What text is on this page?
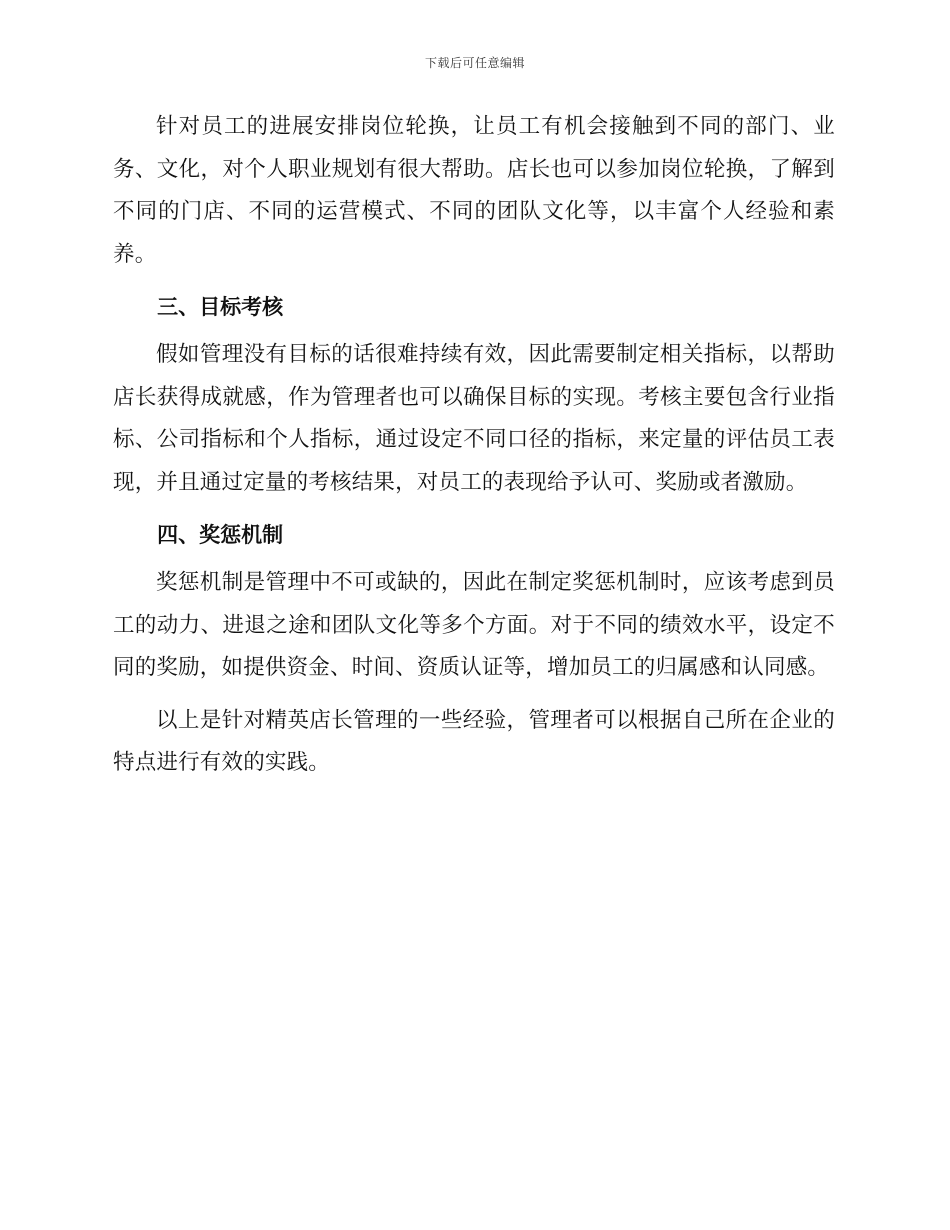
下载后可任意编辑

针对员工的进展安排岗位轮换，让员工有机会接触到不同的部门、业务、文化，对个人职业规划有很大帮助。店长也可以参加岗位轮换，了解到不同的门店、不同的运营模式、不同的团队文化等，以丰富个人经验和素养。

三、目标考核

假如管理没有目标的话很难持续有效，因此需要制定相关指标，以帮助店长获得成就感，作为管理者也可以确保目标的实现。考核主要包含行业指标、公司指标和个人指标，通过设定不同口径的指标，来定量的评估员工表现，并且通过定量的考核结果，对员工的表现给予认可、奖励或者激励。

四、奖惩机制

奖惩机制是管理中不可或缺的，因此在制定奖惩机制时，应该考虑到员工的动力、进退之途和团队文化等多个方面。对于不同的绩效水平，设定不同的奖励，如提供资金、时间、资质认证等，增加员工的归属感和认同感。

以上是针对精英店长管理的一些经验，管理者可以根据自己所在企业的特点进行有效的实践。
